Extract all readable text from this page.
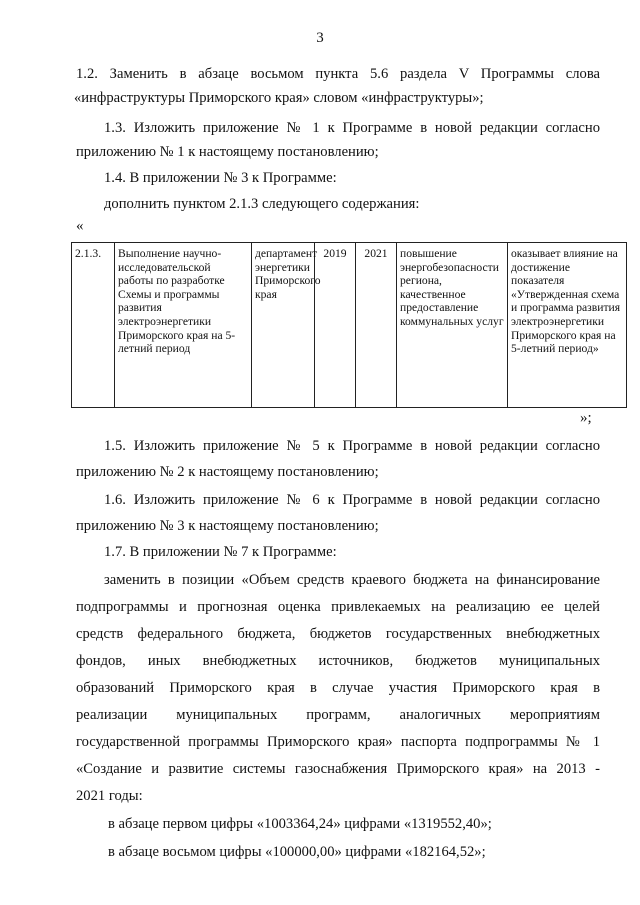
3

1.2. Заменить в абзаце восьмом пункта 5.6 раздела V Программы слова

«инфраструктуры Приморского края» словом «инфраструктуры»;

1.3. Изложить приложение № 1 к Программе в новой редакции согласно

приложению № 1 к настоящему постановлению;

1.4. В приложении № 3 к Программе:

дополнить пунктом 2.1.3 следующего содержания:

«
2.1.3.	Выполнение научно-исследовательской работы по разработке Схемы и программы развития электроэнергетики Приморского края на 5-летний период	департамент энергетики Приморского края	2019	2021	повышение энергобезопасности региона, качественное предоставление коммунальных услуг	оказывает влияние на достижение показателя «Утвержденная схема и программа развития электроэнергетики Приморского края на 5-летний период»
»;

1.5. Изложить приложение № 5 к Программе в новой редакции согласно

приложению № 2 к настоящему постановлению;

1.6. Изложить приложение № 6 к Программе в новой редакции согласно

приложению № 3 к настоящему постановлению;

1.7. В приложении № 7 к Программе:

заменить в позиции «Объем средств краевого бюджета на финансирование

подпрограммы и прогнозная оценка привлекаемых на реализацию ее целей

средств федерального бюджета, бюджетов государственных внебюджетных

фондов, иных внебюджетных источников, бюджетов муниципальных

образований Приморского края в случае участия Приморского края в

реализации муниципальных программ, аналогичных мероприятиям

государственной программы Приморского края» паспорта подпрограммы № 1

«Создание и развитие системы газоснабжения Приморского края» на 2013 -

2021 годы:

в абзаце первом цифры «1003364,24» цифрами «1319552,40»;

в абзаце восьмом цифры «100000,00» цифрами «182164,52»;
